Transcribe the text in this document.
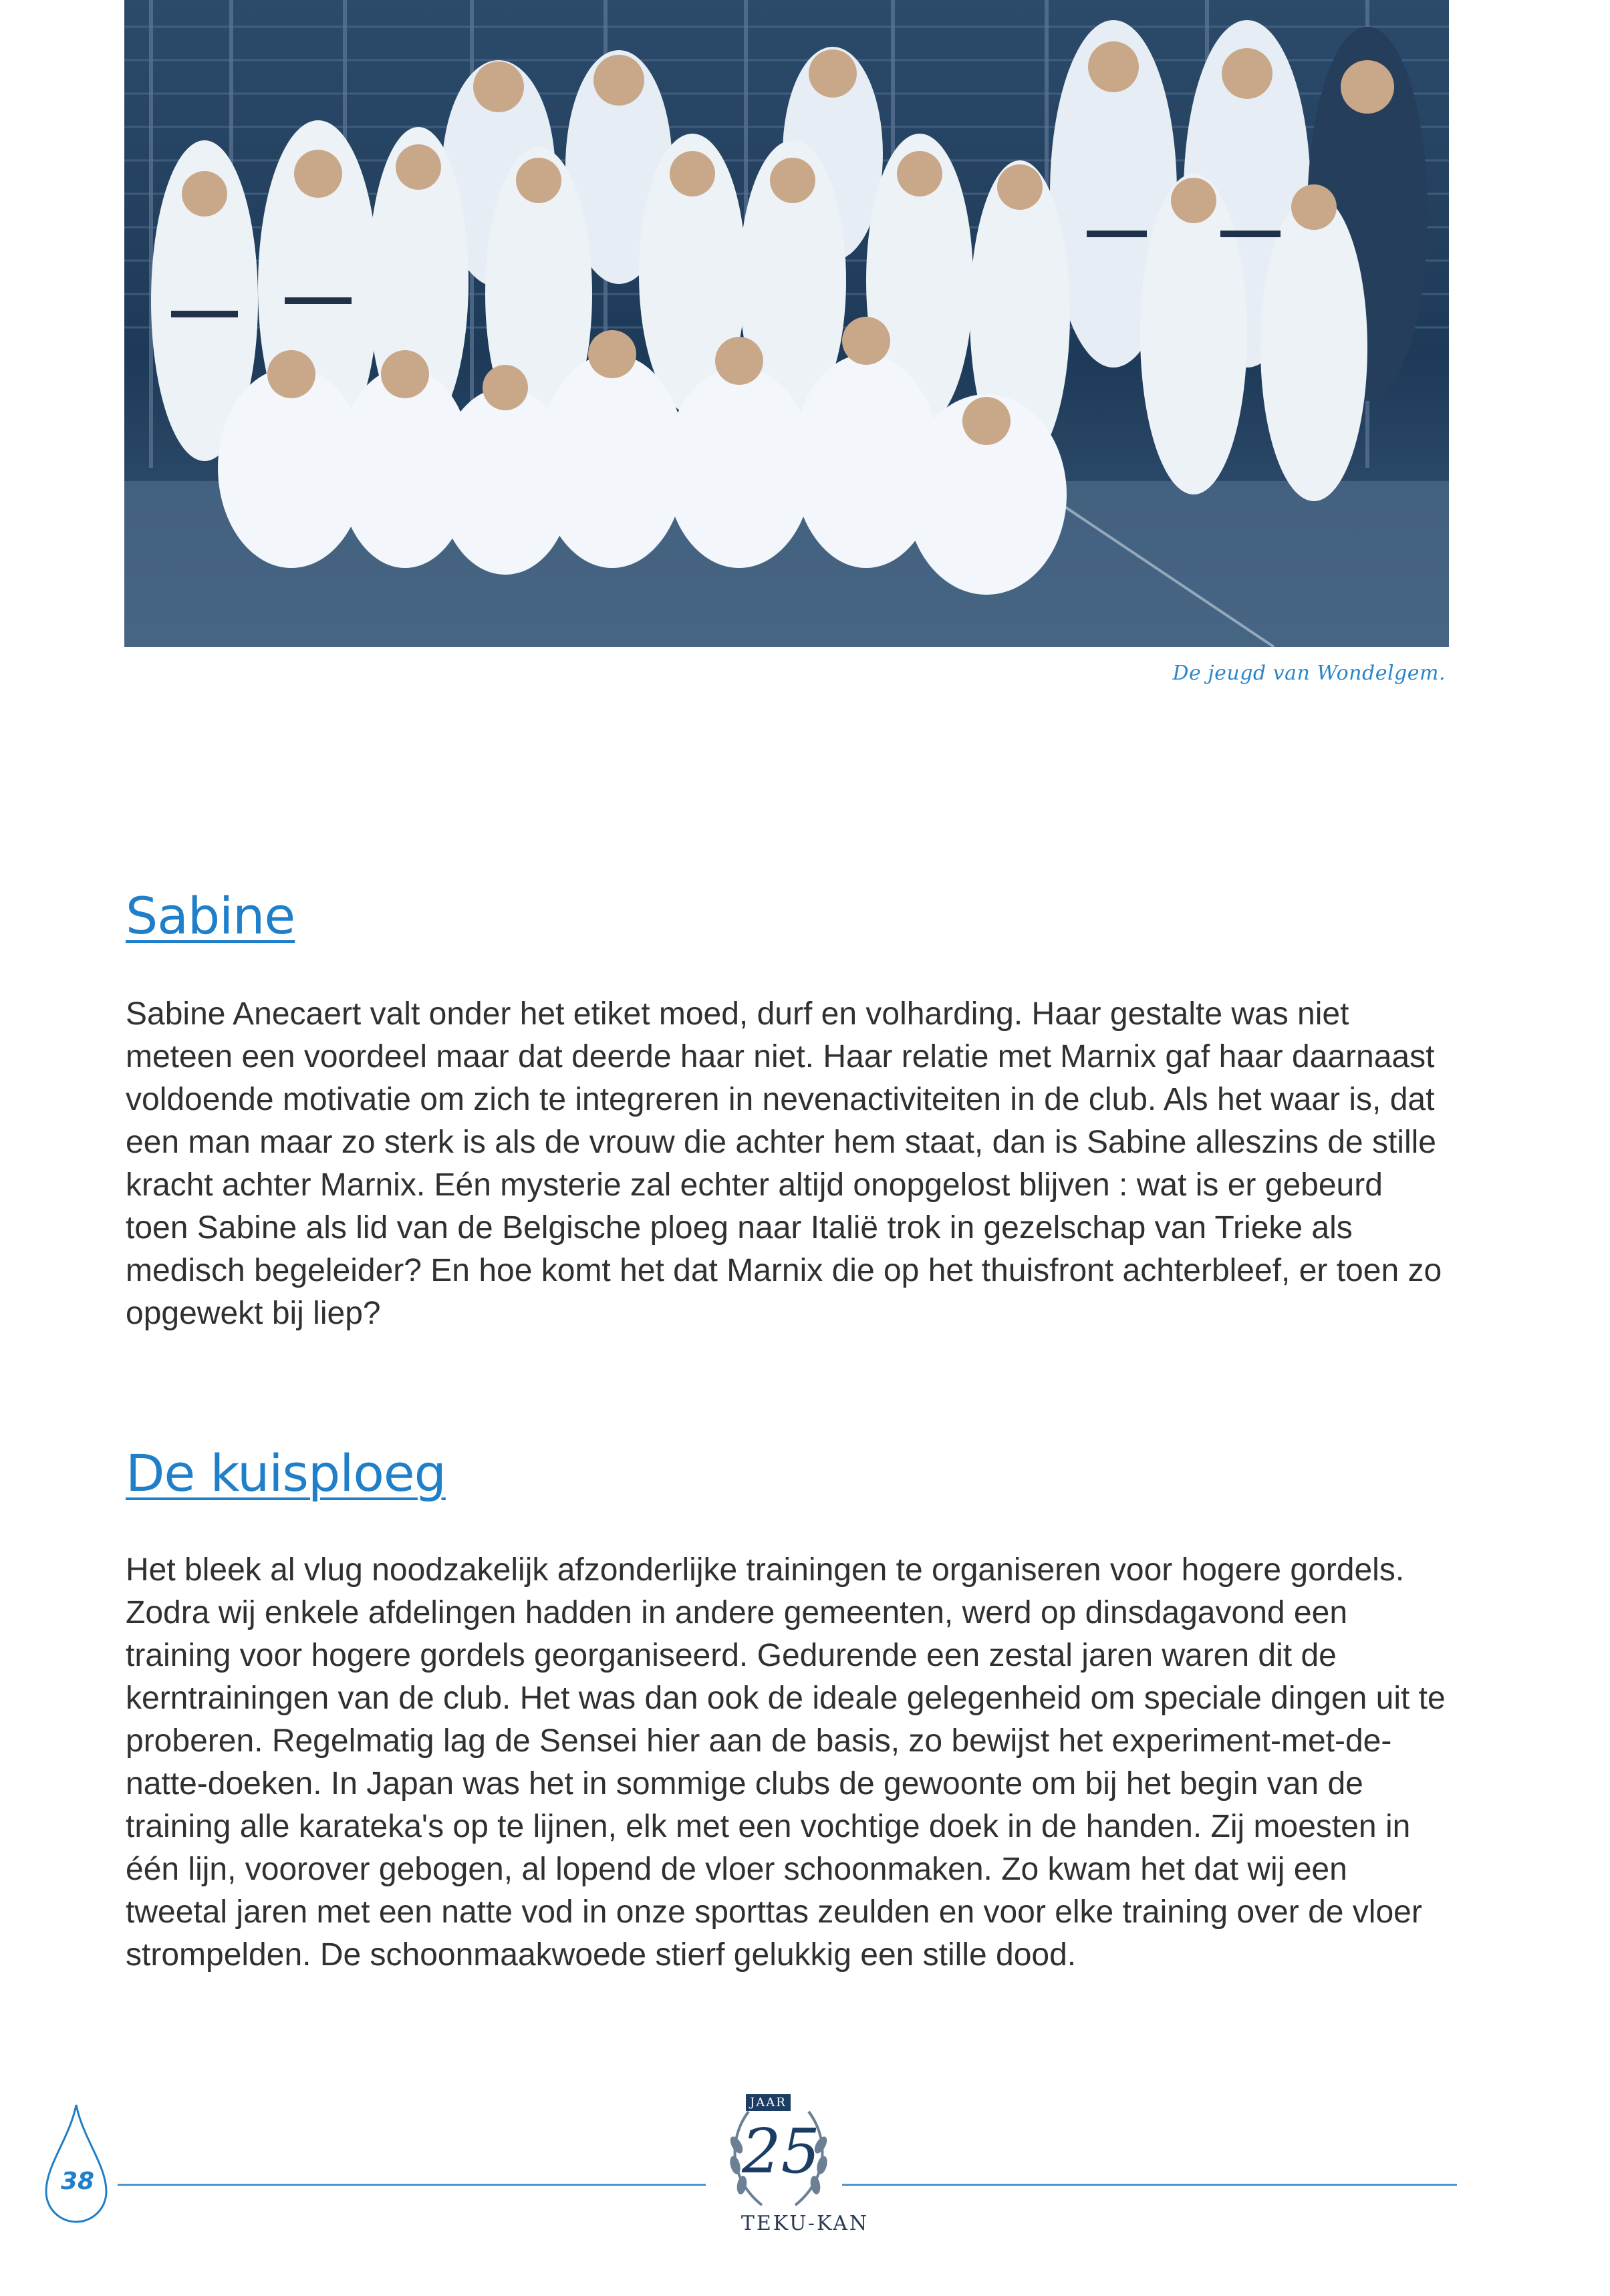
De jeugd van Wondelgem.
Sabine

Sabine Anecaert valt onder het etiket moed, durf en volharding. Haar gestalte was niet meteen een voordeel maar dat deerde haar niet. Haar relatie met Marnix gaf haar daarnaast voldoende motivatie om zich te integreren in nevenactiviteiten in de club. Als het waar is, dat een man maar zo sterk is als de vrouw die achter hem staat, dan is Sabine alleszins de stille kracht achter Marnix. Eén mysterie zal echter altijd onopgelost blijven : wat is er gebeurd toen Sabine als lid van de Belgische ploeg naar Italië trok in gezelschap van Trieke als medisch begeleider? En hoe komt het dat Marnix die op het thuisfront achterbleef, er toen zo opgewekt bij liep?

De kuisploeg

Het bleek al vlug noodzakelijk afzonderlijke trainingen te organiseren voor hogere gordels. Zodra wij enkele afdelingen hadden in andere gemeenten, werd op dinsdagavond een training voor hogere gordels georganiseerd. Gedurende een zestal jaren waren dit de kerntrainingen van de club. Het was dan ook de ideale gelegenheid om speciale dingen uit te proberen. Regelmatig lag de Sensei hier aan de basis, zo bewijst het experiment-met-de-natte-doeken. In Japan was het in sommige clubs de gewoonte om bij het begin van de training alle karateka's op te lijnen, elk met een vochtige doek in de handen. Zij moesten in één lijn, voorover gebogen, al lopend de vloer schoonmaken. Zo kwam het dat wij een tweetal jaren met een natte vod in onze sporttas zeulden en voor elke training over de vloer strompelden. De schoonmaakwoede stierf gelukkig een stille dood.

38
JAAR
25
TEKU-KAN
